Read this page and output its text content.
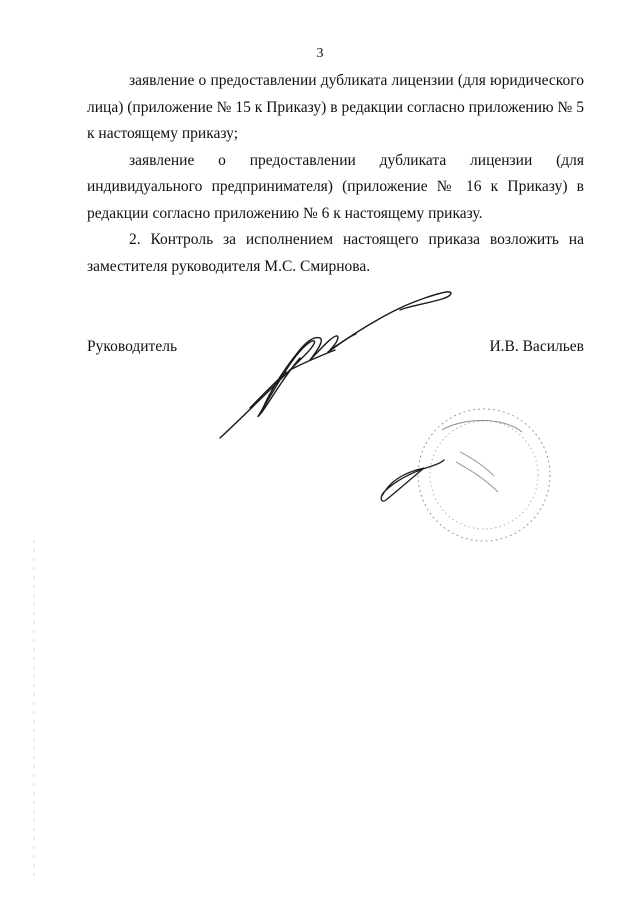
3

заявление о предоставлении дубликата лицензии (для юридического лица) (приложение № 15 к Приказу) в редакции согласно приложению № 5 к настоящему приказу;

заявление о предоставлении дубликата лицензии (для индивидуального предпринимателя) (приложение № 16 к Приказу) в редакции согласно приложению № 6 к настоящему приказу.

2. Контроль за исполнением настоящего приказа возложить на заместителя руководителя М.С. Смирнова.

Руководитель	И.В. Васильев
